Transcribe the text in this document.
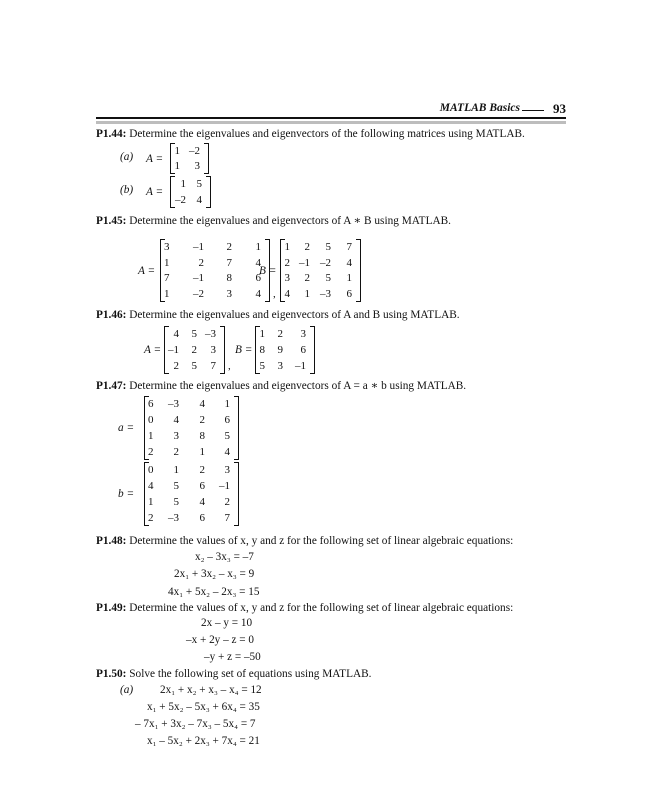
MATLAB Basics	93
P1.44: Determine the eigenvalues and eigenvectors of the following matrices using MATLAB.
(a) A =
1 –2
1	3
(b) A =
1 5
–2 4
P1.45: Determine the eigenvalues and eigenvectors of A ∗ B using MATLAB.
A =
3	–1	2	1
1	2	7	4
7	–1	8	6
1	–2	3	4	,
B =
1	2	5	7
2 –1 –2	4
3	2	5	1
4	1 –3	6
P1.46: Determine the eigenvalues and eigenvectors of A and B using MATLAB.
A =
4	5 –3
–1	2	3
2	5	7	,
B =
1	2	3
8	9	6
5	3	–1
P1.47: Determine the eigenvalues and eigenvectors of A = a ∗ b using MATLAB.
a =
6	–3	4	1
0	4	2	6
1	3	8	5
2	2	1	4
b =
0	1	2	3
4	5	6	–1
1	5	4	2
2	–3	6	7
P1.48: Determine the values of x, y and z for the following set of linear algebraic equations:
x₂ – 3x₃ = –7
2x₁ + 3x₂ – x₃ = 9
4x₁ + 5x₂ – 2x₃ = 15
P1.49: Determine the values of x, y and z for the following set of linear algebraic equations:
2x – y = 10
–x + 2y – z = 0
–y + z = –50
P1.50: Solve the following set of equations using MATLAB.
(a) 2x₁ + x₂ + x₃ – x₄ = 12
x₁ + 5x₂ – 5x₃ + 6x₄ = 35
– 7x₁ + 3x₂ – 7x₃ – 5x₄ = 7
x₁ – 5x₂ + 2x₃ + 7x₄ = 21
